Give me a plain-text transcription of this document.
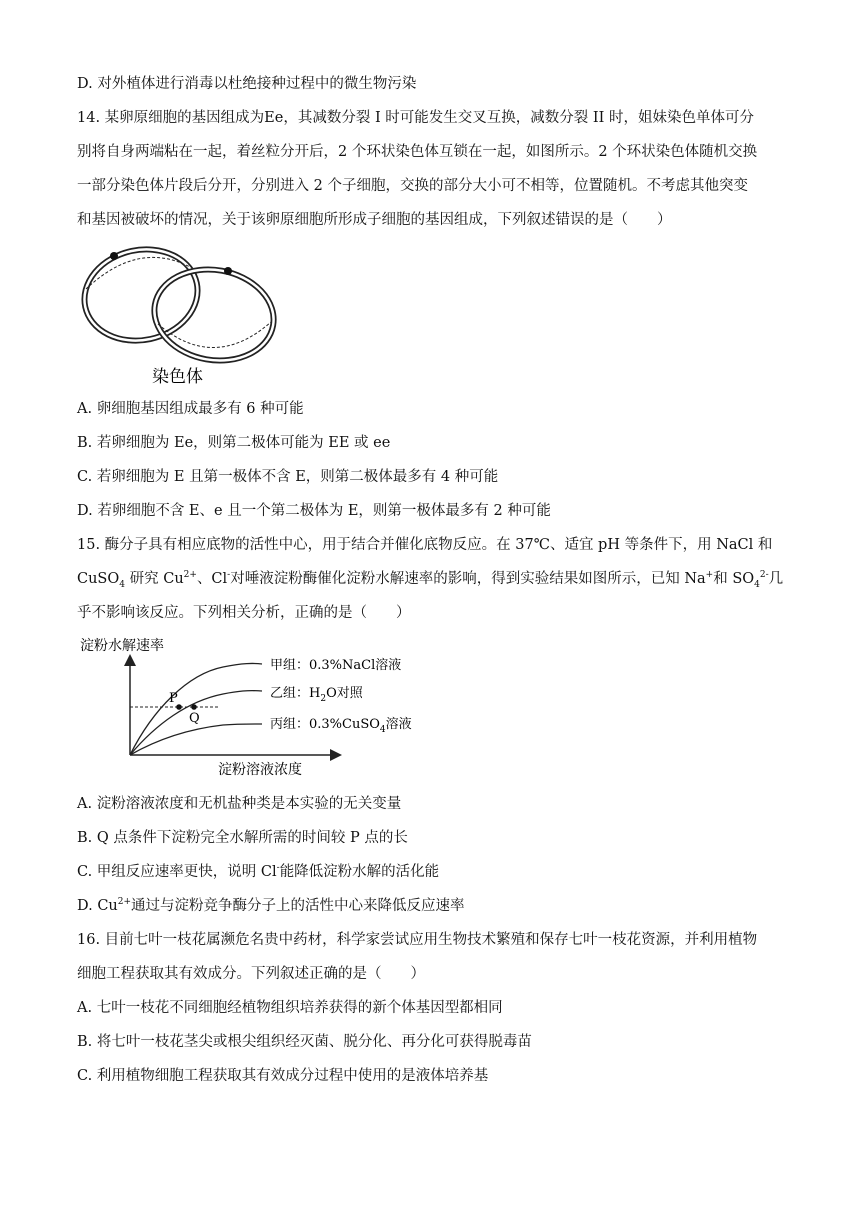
D. 对外植体进行消毒以杜绝接种过程中的微生物污染
14. 某卵原细胞的基因组成为Ee，其减数分裂 I 时可能发生交叉互换，减数分裂 II 时，姐妹染色单体可分
别将自身两端粘在一起，着丝粒分开后，2 个环状染色体互锁在一起，如图所示。2 个环状染色体随机交换
一部分染色体片段后分开，分别进入 2 个子细胞，交换的部分大小可不相等，位置随机。不考虑其他突变
和基因被破坏的情况，关于该卵原细胞所形成子细胞的基因组成，下列叙述错误的是（　　）
染色体
A. 卵细胞基因组成最多有 6 种可能
B. 若卵细胞为 Ee，则第二极体可能为 EE 或 ee
C. 若卵细胞为 E 且第一极体不含 E，则第二极体最多有 4 种可能
D. 若卵细胞不含 E、e 且一个第二极体为 E，则第一极体最多有 2 种可能
15. 酶分子具有相应底物的活性中心，用于结合并催化底物反应。在 37℃、适宜 pH 等条件下，用 NaCl 和
CuSO$_4$ 研究 $Cu^{2+}$、Cl-对唾液淀粉酶催化淀粉水解速率的影响，得到实验结果如图所示，已知 Na+和 $SO_4^{2-}$几
乎不影响该反应。下列相关分析，正确的是（　　）
淀粉水解速率
淀粉溶液浓度
P
Q
甲组：0.3%NaCl溶液
乙组：$H_2O$对照
丙组：0.3%CuSO$_4$溶液
A. 淀粉溶液浓度和无机盐种类是本实验的无关变量
B. Q 点条件下淀粉完全水解所需的时间较 P 点的长
C. 甲组反应速率更快，说明 Cl-能降低淀粉水解的活化能
D. $Cu^{2+}$通过与淀粉竞争酶分子上的活性中心来降低反应速率
16. 目前七叶一枝花属濒危名贵中药材，科学家尝试应用生物技术繁殖和保存七叶一枝花资源，并利用植物
细胞工程获取其有效成分。下列叙述正确的是（　　）
A. 七叶一枝花不同细胞经植物组织培养获得的新个体基因型都相同
B. 将七叶一枝花茎尖或根尖组织经灭菌、脱分化、再分化可获得脱毒苗
C. 利用植物细胞工程获取其有效成分过程中使用的是液体培养基
